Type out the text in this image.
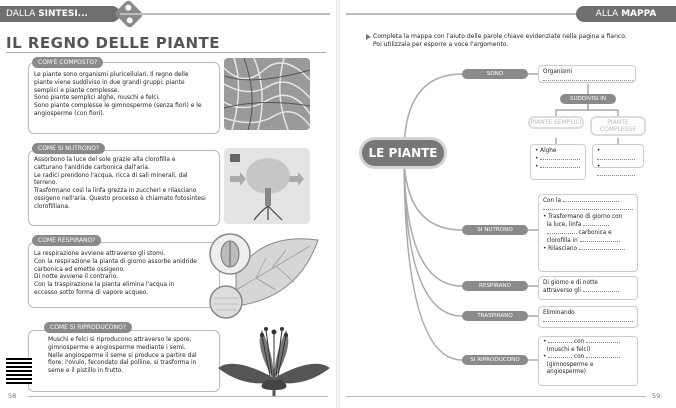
DALLA SINTESI...	ALLA MAPPA
IL REGNO DELLE PIANTE
COM'È COMPOSTO?
Le piante sono organismi pluricellulari. Il regno delle
piante viene suddiviso in due grandi gruppi: piante
semplici e piante complesse.
Sono piante semplici alghe, muschi e felci.
Sono piante complesse le gimnosperme (senza fiori) e le
angiosperme (con fiori).
COME SI NUTRONO?
Assorbono la luce del sole grazie alla clorofilla e
catturano l'anidride carbonica dall'aria.
Le radici prendono l'acqua, ricca di sali minerali, dal
terreno.
Trasformano così la linfa grezza in zuccheri e rilasciano
ossigeno nell'aria. Questo processo è chiamato fotosintesi
clorofilliana.
COME RESPIRANO?
La respirazione avviene attraverso gli stomi.
Con la respirazione la pianta di giorno assorbe anidride
carbonica ed emette ossigeno.
Di notte avviene il contrario.
Con la traspirazione la pianta elimina l'acqua in
eccesso sotto forma di vapore acqueo.
COME SI RIPRODUCONO?
Muschi e felci si riproducono attraverso le spore;
gimnosperme e angiosperme mediante i semi.
Nelle angiosperme il seme si produce a partire dal
fiore: l'ovulo, fecondato dal polline, si trasforma in
seme e il pistillo in frutto.
58
Completa la mappa con l'aiuto delle parole chiave evidenziate nella pagina a fianco.
Poi utilizzala per esporre a voce l'argomento.
LE PIANTE
SONO	Organismi

SUDDIVISI IN
PIANTE SEMPLICI	PIANTE COMPLESSE
• Alghe
•
•
•
•
SI NUTRONO
Con la

• Trasformano di giorno con
la luce, linfa
carbonica e
clorofilla in
• Rilasciano
RESPIRANO	Di giorno e di notte
attraverso gli
TRASPIRANO	Eliminando

SI RIPRODUCONO
•	con
(muschi e felci)
•	con
(gimnosperme e
angiosperme)
59
